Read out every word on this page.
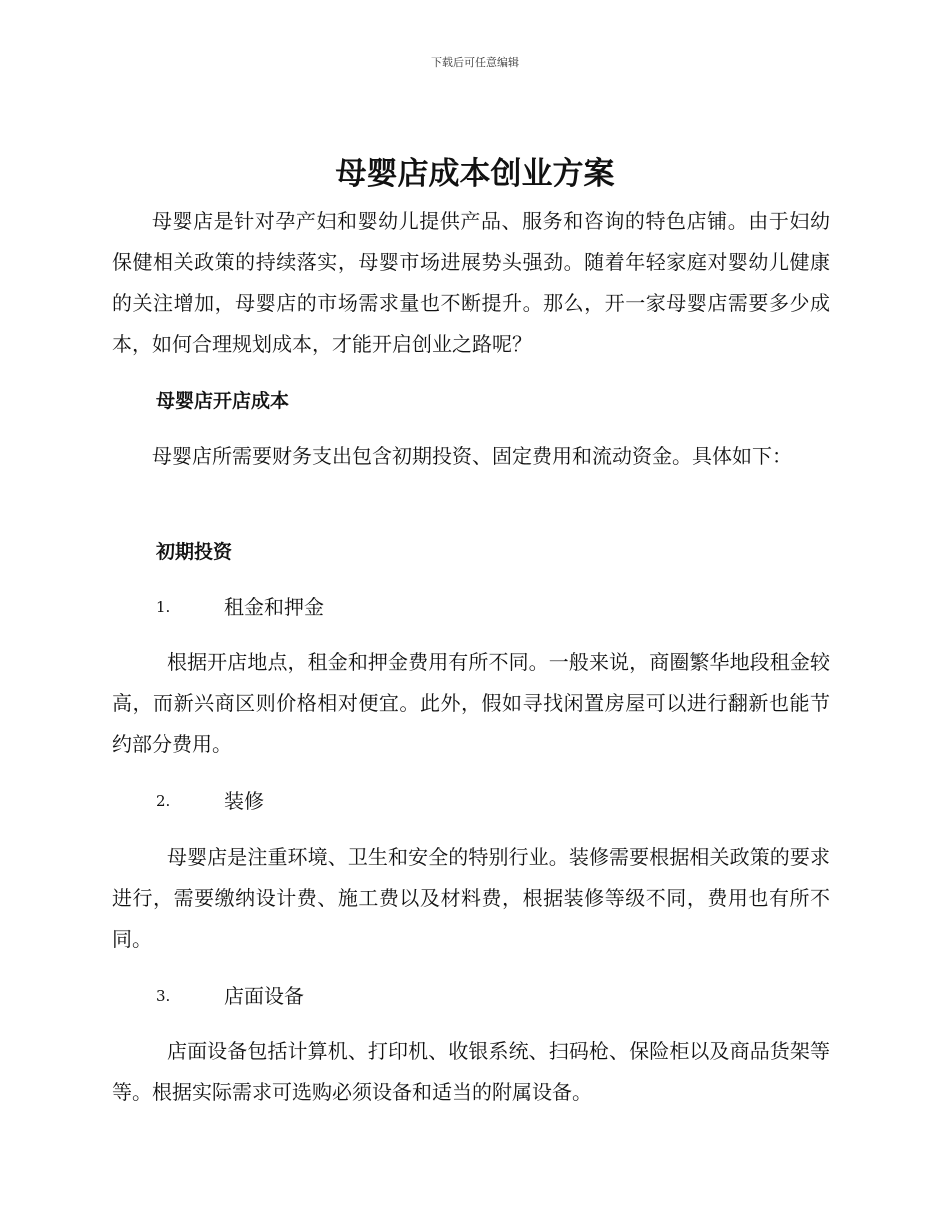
下载后可任意编辑
母婴店成本创业方案

母婴店是针对孕产妇和婴幼儿提供产品、服务和咨询的特色店铺。由于妇幼保健相关政策的持续落实，母婴市场进展势头强劲。随着年轻家庭对婴幼儿健康的关注增加，母婴店的市场需求量也不断提升。那么，开一家母婴店需要多少成本，如何合理规划成本，才能开启创业之路呢？

母婴店开店成本

母婴店所需要财务支出包含初期投资、固定费用和流动资金。具体如下：

初期投资

1.	租金和押金

根据开店地点，租金和押金费用有所不同。一般来说，商圈繁华地段租金较高，而新兴商区则价格相对便宜。此外，假如寻找闲置房屋可以进行翻新也能节约部分费用。

2.	装修

母婴店是注重环境、卫生和安全的特别行业。装修需要根据相关政策的要求进行，需要缴纳设计费、施工费以及材料费，根据装修等级不同，费用也有所不同。

3.	店面设备

店面设备包括计算机、打印机、收银系统、扫码枪、保险柜以及商品货架等等。根据实际需求可选购必须设备和适当的附属设备。
